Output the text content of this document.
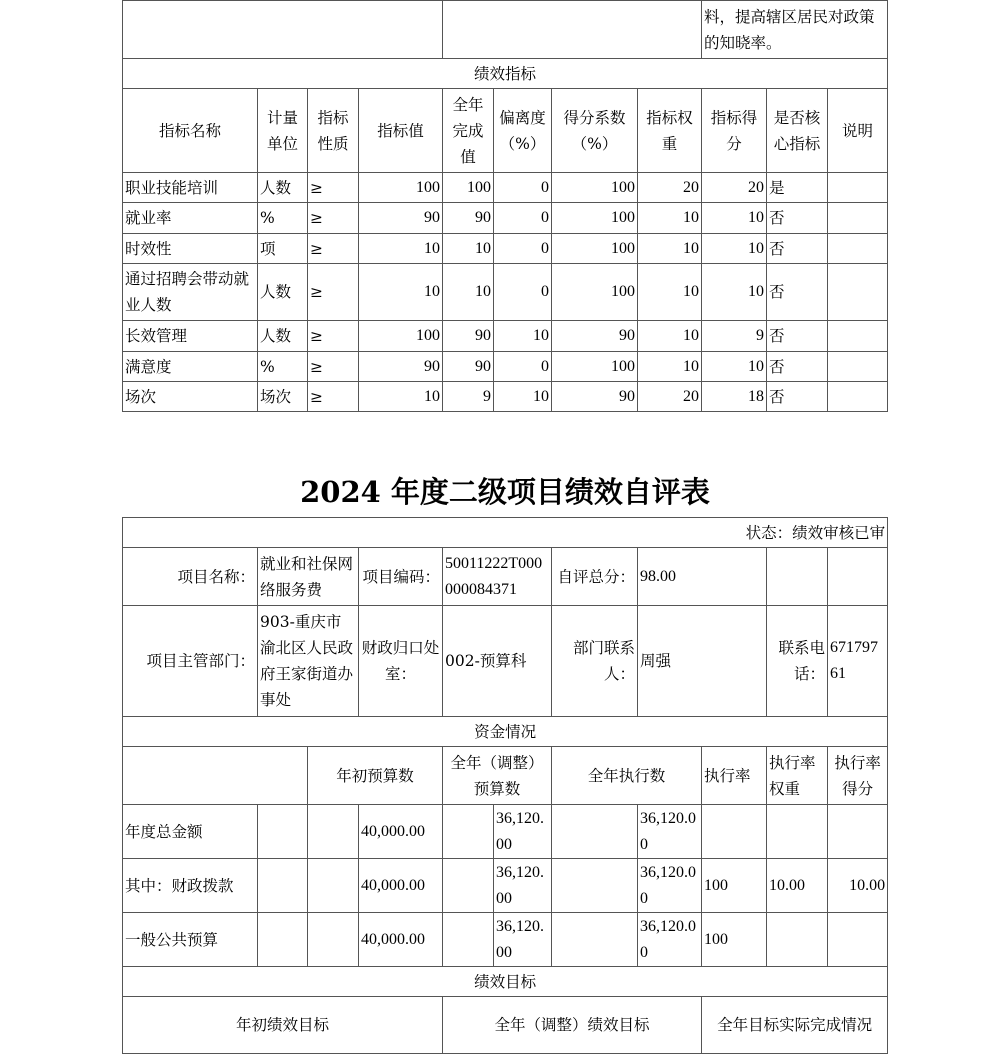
								料，提高辖区居民对政策的知晓率。		
绩效指标										
指标名称	计量单位	指标性质	指标值	全年完成值	偏离度（%）	得分系数（%）	指标权重	指标得分	是否核心指标	说明
职业技能培训	人数	≥	100	100	0	100	20	20	是	
就业率	%	≥	90	90	0	100	10	10	否	
时效性	项	≥	10	10	0	100	10	10	否	
通过招聘会带动就业人数	人数	≥	10	10	0	100	10	10	否	
长效管理	人数	≥	100	90	10	90	10	9	否	
满意度	%	≥	90	90	0	100	10	10	否	
场次	场次	≥	10	9	10	90	20	18	否	
2024 年度二级项目绩效自评表
状态：绩效审核已审										
项目名称：	就业和社保网络服务费		项目编码：	50011222T000000084371		自评总分：	98.00			
项目主管部门：	903-重庆市渝北区人民政府王家街道办事处		财政归口处室：	002-预算科		部门联系人：	周强		联系电话：	67179761
资金情况										
		年初预算数		全年（调整）预算数		全年执行数		执行率	执行率权重	执行率得分
年度总金额			40,000.00		36,120.00		36,120.00			
其中：财政拨款			40,000.00		36,120.00		36,120.00	100	10.00	10.00
一般公共预算			40,000.00		36,120.00		36,120.00	100		
绩效目标										
年初绩效目标				全年（调整）绩效目标				全年目标实际完成情况		
